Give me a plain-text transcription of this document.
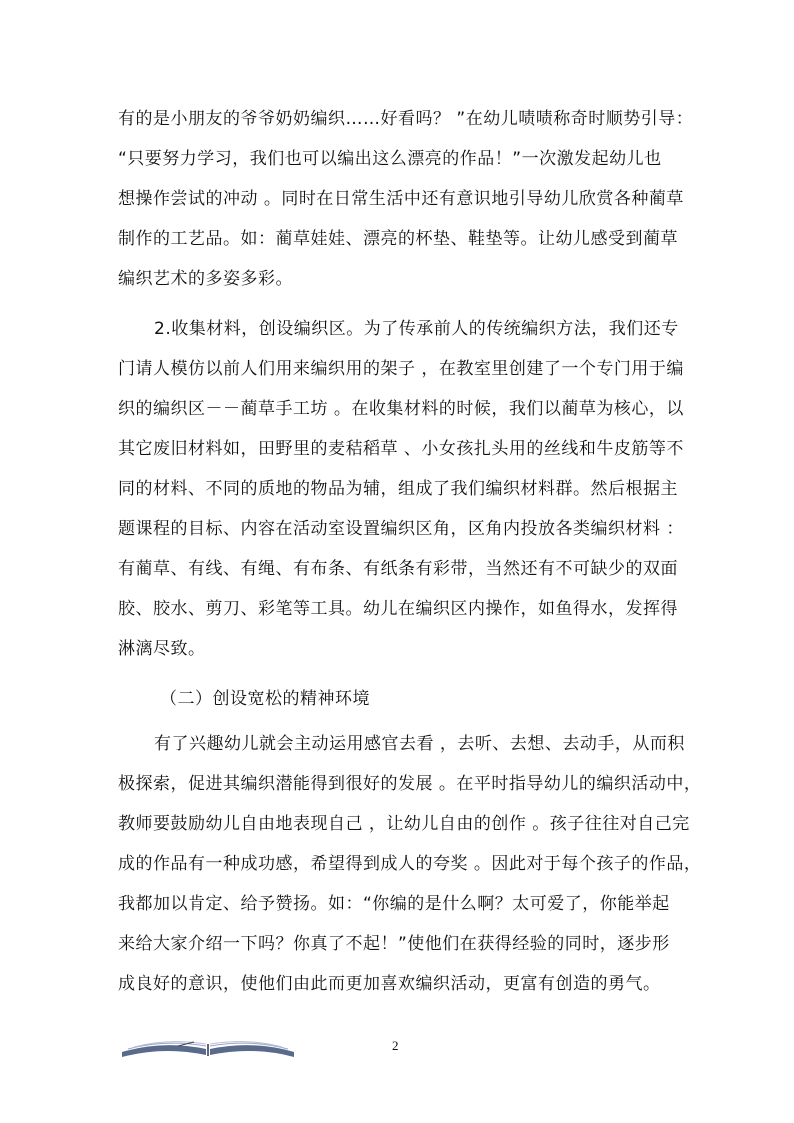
有的是小朋友的爷爷奶奶编织……好看吗？ ”在幼儿啧啧称奇时顺势引导：
“只要努力学习，我们也可以编出这么漂亮的作品！”一次激发起幼儿也
想操作尝试的冲动 。同时在日常生活中还有意识地引导幼儿欣赏各种蔺草
制作的工艺品。如：蔺草娃娃、漂亮的杯垫、鞋垫等。让幼儿感受到蔺草
编织艺术的多姿多彩。
2.收集材料，创设编织区。为了传承前人的传统编织方法，我们还专
门请人模仿以前人们用来编织用的架子 ，在教室里创建了一个专门用于编
织的编织区－－蔺草手工坊 。在收集材料的时候，我们以蔺草为核心，以
其它废旧材料如，田野里的麦秸稻草 、小女孩扎头用的丝线和牛皮筋等不
同的材料、不同的质地的物品为辅，组成了我们编织材料群。然后根据主
题课程的目标、内容在活动室设置编织区角，区角内投放各类编织材料 ：
有蔺草、有线、有绳、有布条、有纸条有彩带，当然还有不可缺少的双面
胶、胶水、剪刀、彩笔等工具。幼儿在编织区内操作，如鱼得水，发挥得
淋漓尽致。
（二）创设宽松的精神环境
有了兴趣幼儿就会主动运用感官去看 ，去听、去想、去动手，从而积
极探索，促进其编织潜能得到很好的发展 。在平时指导幼儿的编织活动中，
教师要鼓励幼儿自由地表现自己 ，让幼儿自由的创作 。孩子往往对自己完
成的作品有一种成功感，希望得到成人的夸奖 。因此对于每个孩子的作品，
我都加以肯定、给予赞扬。如：“你编的是什么啊？太可爱了，你能举起
来给大家介绍一下吗？你真了不起！”使他们在获得经验的同时，逐步形
成良好的意识，使他们由此而更加喜欢编织活动，更富有创造的勇气。
2
